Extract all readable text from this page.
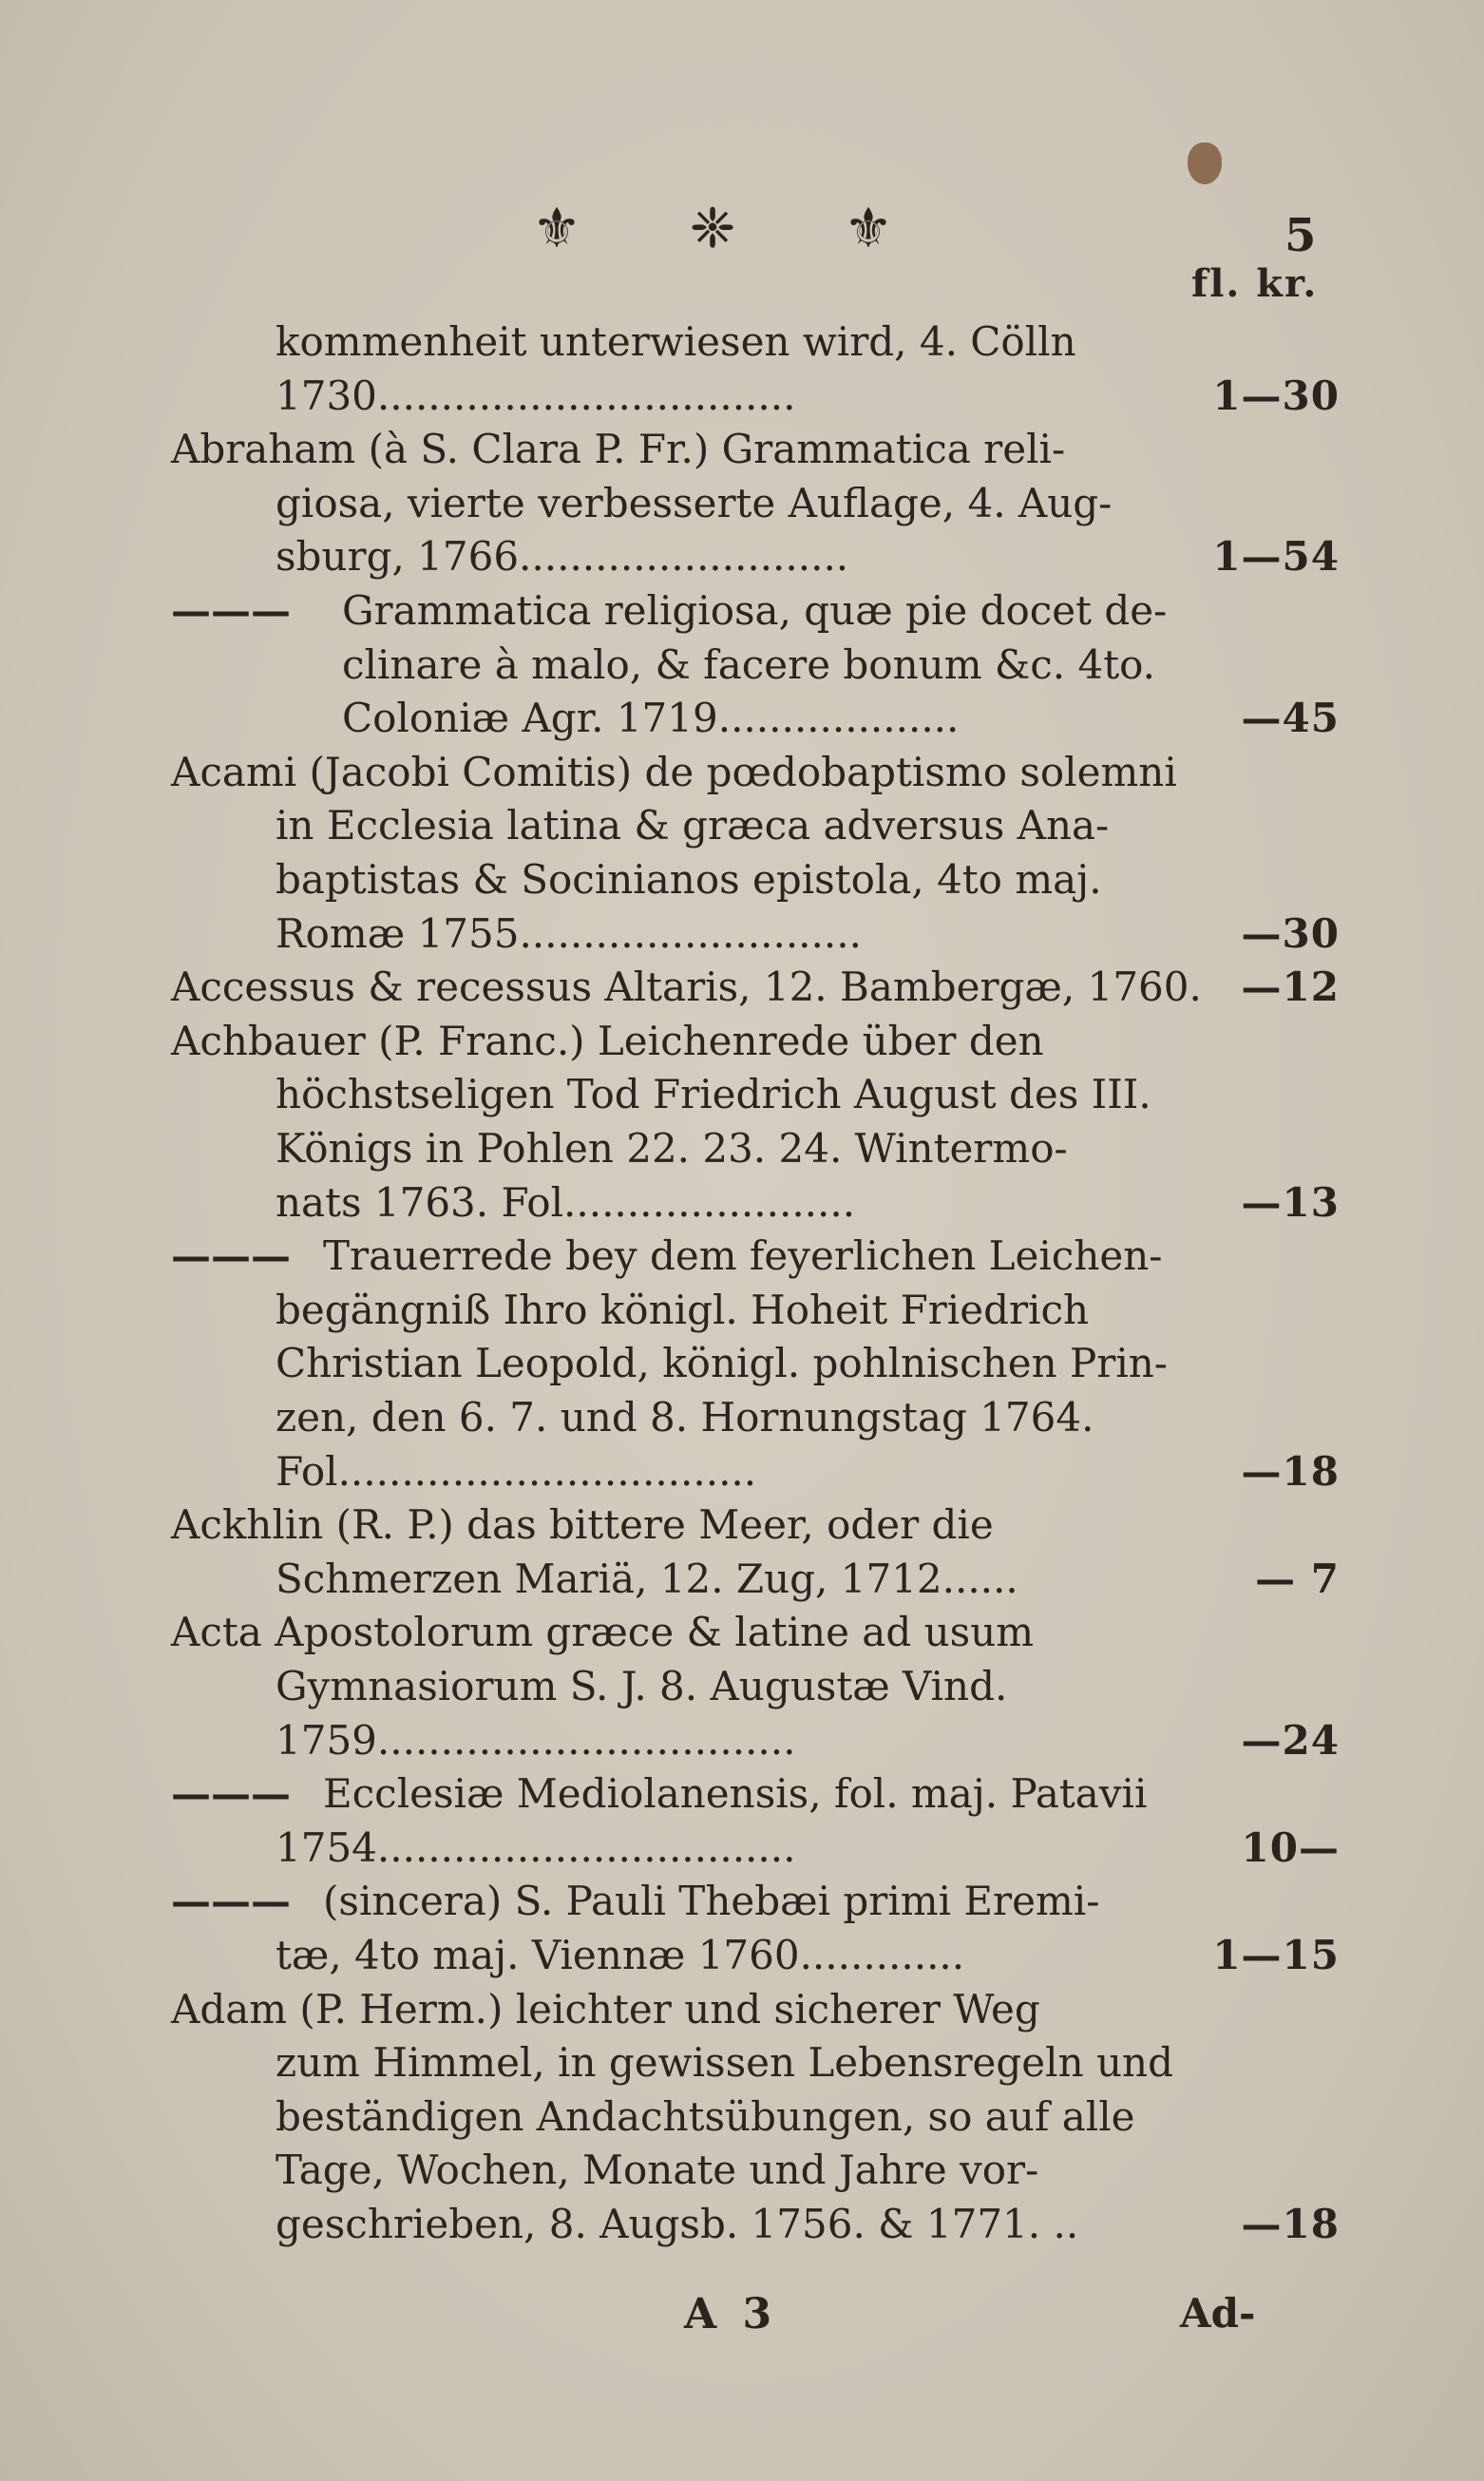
⚜ ❈ ⚜	5
fl. kr.
kommenheit unterwiesen wird, 4. Cölln
1730.................................	1—30
Abraham (à S. Clara P. Fr.) Grammatica reli-
giosa, vierte verbesserte Auflage, 4. Aug-
sburg, 1766..........................	1—54
——— Grammatica religiosa, quæ pie docet de-
clinare à malo, & facere bonum &c. 4to.
Coloniæ Agr. 1719...................	—45
Acami (Jacobi Comitis) de pœdobaptismo solemni
in Ecclesia latina & græca adversus Ana-
baptistas & Socinianos epistola, 4to maj.
Romæ 1755...........................	—30
Accessus & recessus Altaris, 12. Bambergæ, 1760. —12
Achbauer (P. Franc.) Leichenrede über den
höchstseligen Tod Friedrich August des III.
Königs in Pohlen 22. 23. 24. Wintermo-
nats 1763. Fol.......................	—13
——— Trauerrede bey dem feyerlichen Leichen-
begängniß Ihro königl. Hoheit Friedrich
Christian Leopold, königl. pohlnischen Prin-
zen, den 6. 7. und 8. Hornungstag 1764.
Fol.................................	—18
Ackhlin (R. P.) das bittere Meer, oder die
Schmerzen Mariä, 12. Zug, 1712......	— 7
Acta Apostolorum græce & latine ad usum
Gymnasiorum S. J. 8. Augustæ Vind.
1759.................................	—24
——— Ecclesiæ Mediolanensis, fol. maj. Patavii
1754.................................	10—
——— (sincera) S. Pauli Thebæi primi Eremi-
tæ, 4to maj. Viennæ 1760.............	1—15
Adam (P. Herm.) leichter und sicherer Weg
zum Himmel, in gewissen Lebensregeln und
beständigen Andachtsübungen, so auf alle
Tage, Wochen, Monate und Jahre vor-
geschrieben, 8. Augsb. 1756. & 1771. ..	—18
A 3	Ad-
